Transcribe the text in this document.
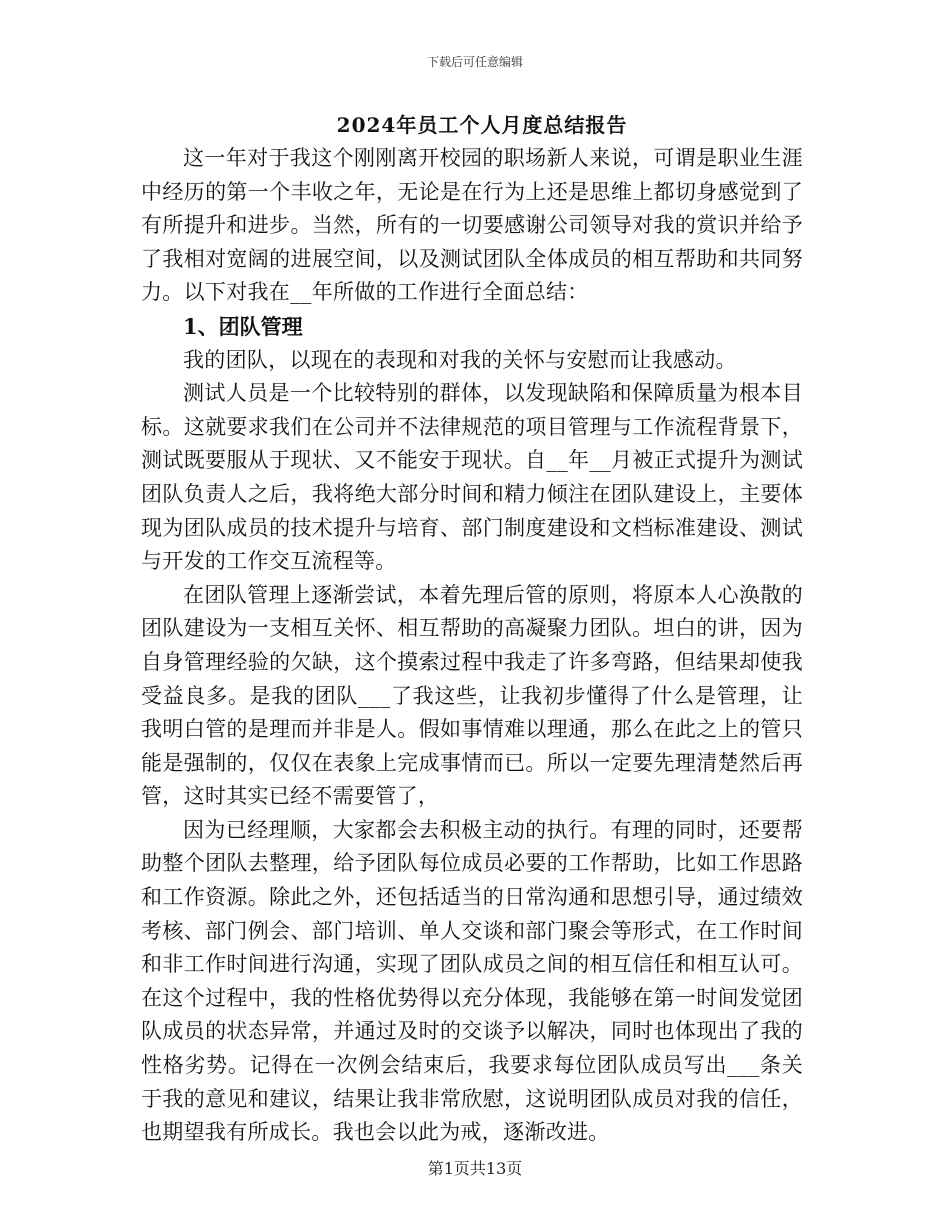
下载后可任意编辑

2024年员工个人月度总结报告

这一年对于我这个刚刚离开校园的职场新人来说，可谓是职业生涯中经历的第一个丰收之年，无论是在行为上还是思维上都切身感觉到了有所提升和进步。当然，所有的一切要感谢公司领导对我的赏识并给予了我相对宽阔的进展空间，以及测试团队全体成员的相互帮助和共同努力。以下对我在__年所做的工作进行全面总结：

1、团队管理

我的团队，以现在的表现和对我的关怀与安慰而让我感动。

测试人员是一个比较特别的群体，以发现缺陷和保障质量为根本目标。这就要求我们在公司并不法律规范的项目管理与工作流程背景下，测试既要服从于现状、又不能安于现状。自__年__月被正式提升为测试团队负责人之后，我将绝大部分时间和精力倾注在团队建设上，主要体现为团队成员的技术提升与培育、部门制度建设和文档标准建设、测试与开发的工作交互流程等。

在团队管理上逐渐尝试，本着先理后管的原则，将原本人心涣散的团队建设为一支相互关怀、相互帮助的高凝聚力团队。坦白的讲，因为自身管理经验的欠缺，这个摸索过程中我走了许多弯路，但结果却使我受益良多。是我的团队___了我这些，让我初步懂得了什么是管理，让我明白管的是理而并非是人。假如事情难以理通，那么在此之上的管只能是强制的，仅仅在表象上完成事情而已。所以一定要先理清楚然后再管，这时其实已经不需要管了，

因为已经理顺，大家都会去积极主动的执行。有理的同时，还要帮助整个团队去整理，给予团队每位成员必要的工作帮助，比如工作思路和工作资源。除此之外，还包括适当的日常沟通和思想引导，通过绩效考核、部门例会、部门培训、单人交谈和部门聚会等形式，在工作时间和非工作时间进行沟通，实现了团队成员之间的相互信任和相互认可。在这个过程中，我的性格优势得以充分体现，我能够在第一时间发觉团队成员的状态异常，并通过及时的交谈予以解决，同时也体现出了我的性格劣势。记得在一次例会结束后，我要求每位团队成员写出___条关于我的意见和建议，结果让我非常欣慰，这说明团队成员对我的信任，也期望我有所成长。我也会以此为戒，逐渐改进。

第1页共13页
